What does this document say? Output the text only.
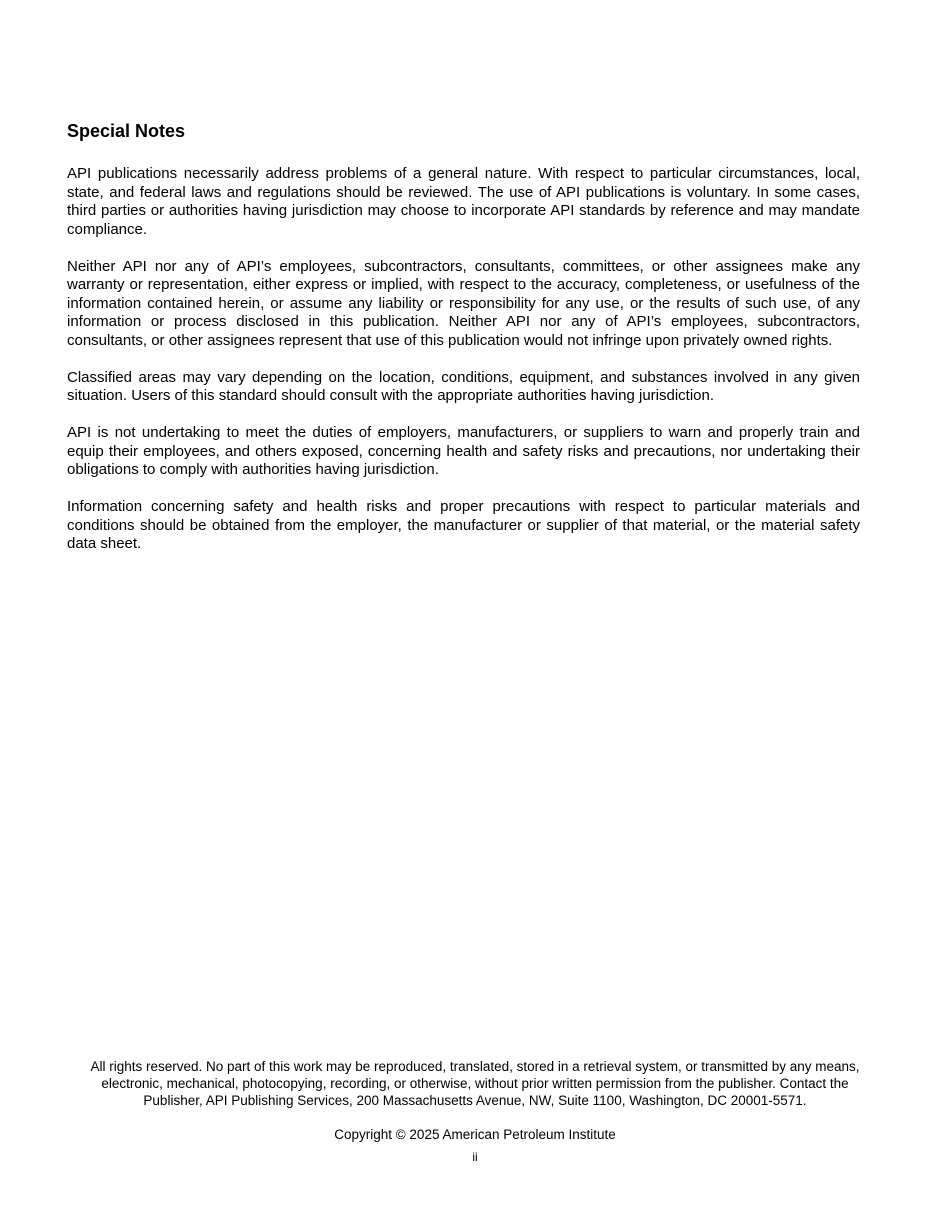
Special Notes

API publications necessarily address problems of a general nature. With respect to particular circumstances, local, state, and federal laws and regulations should be reviewed. The use of API publications is voluntary. In some cases, third parties or authorities having jurisdiction may choose to incorporate API standards by reference and may mandate compliance.

Neither API nor any of API’s employees, subcontractors, consultants, committees, or other assignees make any warranty or representation, either express or implied, with respect to the accuracy, completeness, or usefulness of the information contained herein, or assume any liability or responsibility for any use, or the results of such use, of any information or process disclosed in this publication. Neither API nor any of API’s employees, subcontractors, consultants, or other assignees represent that use of this publication would not infringe upon privately owned rights.

Classified areas may vary depending on the location, conditions, equipment, and substances involved in any given situation. Users of this standard should consult with the appropriate authorities having jurisdiction.

API is not undertaking to meet the duties of employers, manufacturers, or suppliers to warn and properly train and equip their employees, and others exposed, concerning health and safety risks and precautions, nor undertaking their obligations to comply with authorities having jurisdiction.

Information concerning safety and health risks and proper precautions with respect to particular materials and conditions should be obtained from the employer, the manufacturer or supplier of that material, or the material safety data sheet.

All rights reserved. No part of this work may be reproduced, translated, stored in a retrieval system, or transmitted by any means, electronic, mechanical, photocopying, recording, or otherwise, without prior written permission from the publisher. Contact the Publisher, API Publishing Services, 200 Massachusetts Avenue, NW, Suite 1100, Washington, DC 20001-5571.

Copyright © 2025 American Petroleum Institute

ii
